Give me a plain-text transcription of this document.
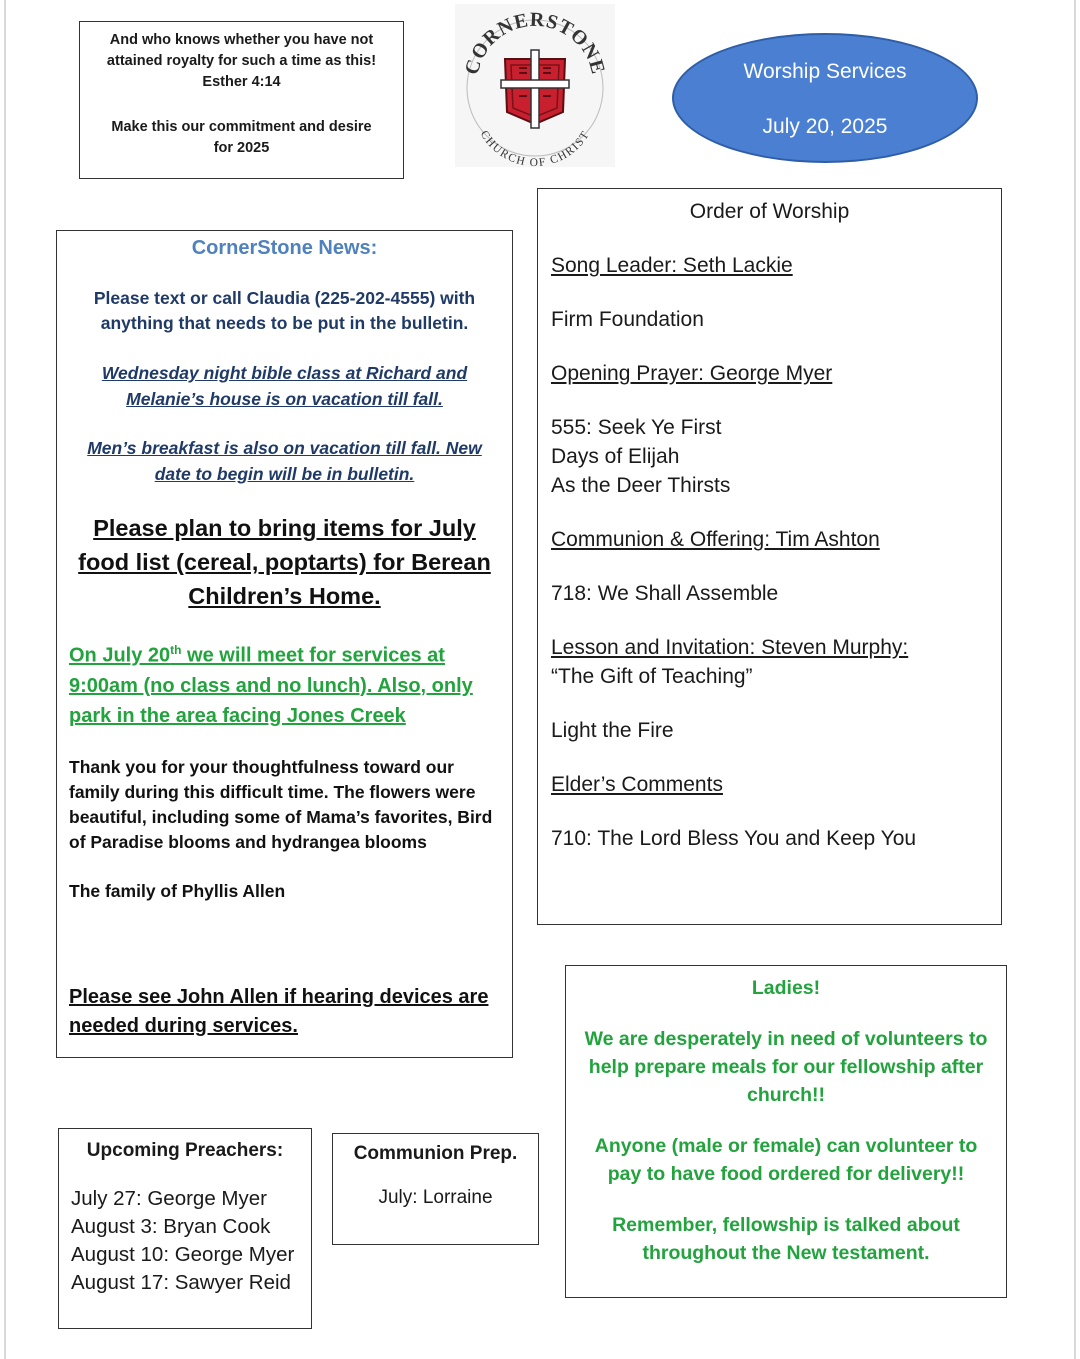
And who knows whether you have not

attained royalty for such a time as this!

Esther 4:14

Make this our commitment and desire

for 2025

CORNERSTONE
CHURCH OF CHRIST
Worship Services
July 20, 2025

Order of Worship

Song Leader: Seth Lackie

Firm Foundation

Opening Prayer: George Myer

555: Seek Ye First

Days of Elijah

As the Deer Thirsts

Communion & Offering: Tim Ashton

718: We Shall Assemble

Lesson and Invitation: Steven Murphy:

“The Gift of Teaching”

Light the Fire

Elder’s Comments

710: The Lord Bless You and Keep You

CornerStone News:

Please text or call Claudia (225-202-4555) with anything that needs to be put in the bulletin.

Wednesday night bible class at Richard and Melanie’s house is on vacation till fall.

Men’s breakfast is also on vacation till fall. New date to begin will be in bulletin.

Please plan to bring items for July food list (cereal, poptarts) for Berean Children’s Home.

On July 20th we will meet for services at 9:00am (no class and no lunch). Also, only park in the area facing Jones Creek

Thank you for your thoughtfulness toward our family during this difficult time. The flowers were beautiful, including some of Mama’s favorites, Bird of Paradise blooms and hydrangea blooms

The family of Phyllis Allen

Please see John Allen if hearing devices are needed during services.

Upcoming Preachers:

July 27: George Myer

August 3: Bryan Cook

August 10: George Myer

August 17: Sawyer Reid

Communion Prep.

July: Lorraine

Ladies!

We are desperately in need of volunteers to help prepare meals for our fellowship after church!!

Anyone (male or female) can volunteer to pay to have food ordered for delivery!!

Remember, fellowship is talked about throughout the New testament.
